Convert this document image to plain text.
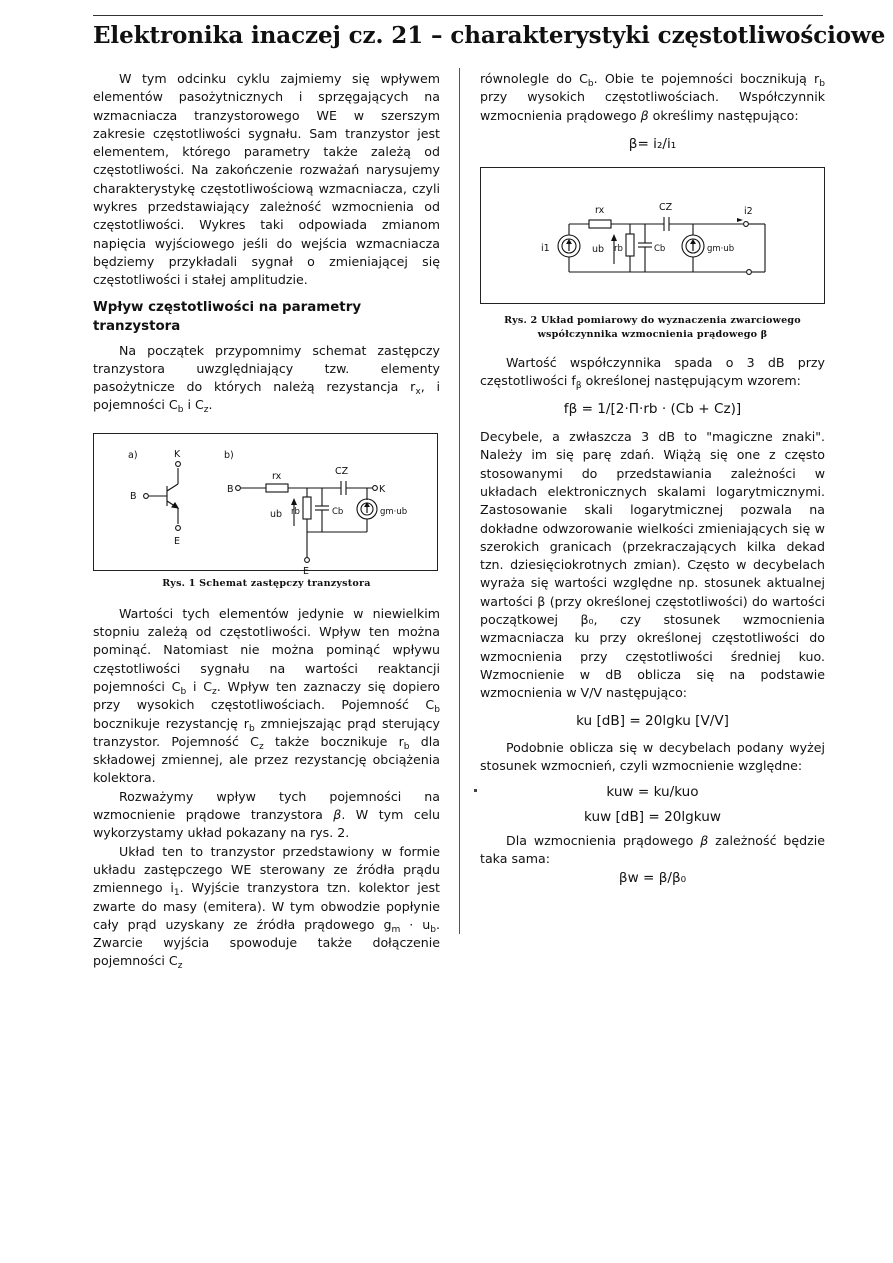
Elektronika inaczej cz. 21 – charakterystyki częstotliwościowe

W tym odcinku cyklu zajmiemy się wpływem elementów pasożytnicznych i sprzęgających na wzmacniacza tranzystorowego WE w szerszym zakresie częstotliwości sygnału. Sam tranzystor jest elementem, którego parametry także zależą od częstotliwości. Na zakończenie rozważań narysujemy charakterystykę częstotliwościową wzmacniacza, czyli wykres przedstawiający zależność wzmocnienia od częstotliwości. Wykres taki odpowiada zmianom napięcia wyjściowego jeśli do wejścia wzmacniacza będziemy przykładali sygnał o zmieniającej się częstotliwości i stałej amplitudzie.

Wpływ częstotliwości na parametry tranzystora

Na początek przypomnimy schemat zastępczy tranzystora uwzględniający tzw. elementy pasożytnicze do których należą rezystancja $r_x$, i pojemności $C_b$ i $C_z$.

a)	b)
K
B
E
B	K
E
rx	CZ
ub rb	Cb	gm·ub
Rys. 1 Schemat zastępczy tranzystora

Wartości tych elementów jedynie w niewielkim stopniu zależą od częstotliwości. Wpływ ten można pominąć. Natomiast nie można pominąć wpływu częstotliwości sygnału na wartości reaktancji pojemności $C_b$ i $C_z$. Wpływ ten zaznaczy się dopiero przy wysokich częstotliwościach. Pojemność $C_b$ bocznikuje rezystancję $r_b$ zmniejszając prąd sterujący tranzystor. Pojemność $C_z$ także bocznikuje $r_b$ dla składowej zmiennej, ale przez rezystancję obciążenia kolektora.

Rozważymy wpływ tych pojemności na wzmocnienie prądowe tranzystora β. W tym celu wykorzystamy układ pokazany na rys. 2.

Układ ten to tranzystor przedstawiony w formie układu zastępczego WE sterowany ze źródła prądu zmiennego $i_1$. Wyjście tranzystora tzn. kolektor jest zwarte do masy (emitera). W tym obwodzie popłynie cały prąd uzyskany ze źródła prądowego $g_m \cdot u_b$. Zwarcie wyjścia spowoduje także dołączenie pojemności $C_z$

równolegle do $C_b$. Obie te pojemności bocznikują $r_b$ przy wysokich częstotliwościach. Współczynnik wzmocnienia prądowego β określimy następująco:

β= i₂/i₁

i1
i2
rx	CZ
ub rb	Cb	gm·ub
Rys. 2 Układ pomiarowy do wyznaczenia zwarciowego
współczynnika wzmocnienia prądowego β

Wartość współczynnika spada o 3 dB przy częstotliwości $f_\beta$ określonej następującym wzorem:

fβ = 1/[2·Π·rb · (Cb + Cz)]

Decybele, a zwłaszcza 3 dB to "magiczne znaki". Należy im się parę zdań. Wiążą się one z często stosowanymi do przedstawiania zależności w układach elektronicznych skalami logarytmicznymi. Zastosowanie skali logarytmicznej pozwala na dokładne odwzorowanie wielkości zmieniających się w szerokich granicach (przekraczających kilka dekad tzn. dziesięciokrotnych zmian). Często w decybelach wyraża się wartości względne np. stosunek aktualnej wartości β (przy określonej częstotliwości) do wartości początkowej β₀, czy stosunek wzmocnienia wzmacniacza ku przy określonej częstotliwości do wzmocnienia przy częstotliwości średniej kuo. Wzmocnienie w dB oblicza się na podstawie wzmocnienia w V/V następująco:

ku [dB] = 20lgku [V/V]

Podobnie oblicza się w decybelach podany wyżej stosunek wzmocnień, czyli wzmocnienie względne:

kuw = ku/kuo

kuw [dB] = 20lgkuw

Dla wzmocnienia prądowego β zależność będzie taka sama:

βw = β/β₀
